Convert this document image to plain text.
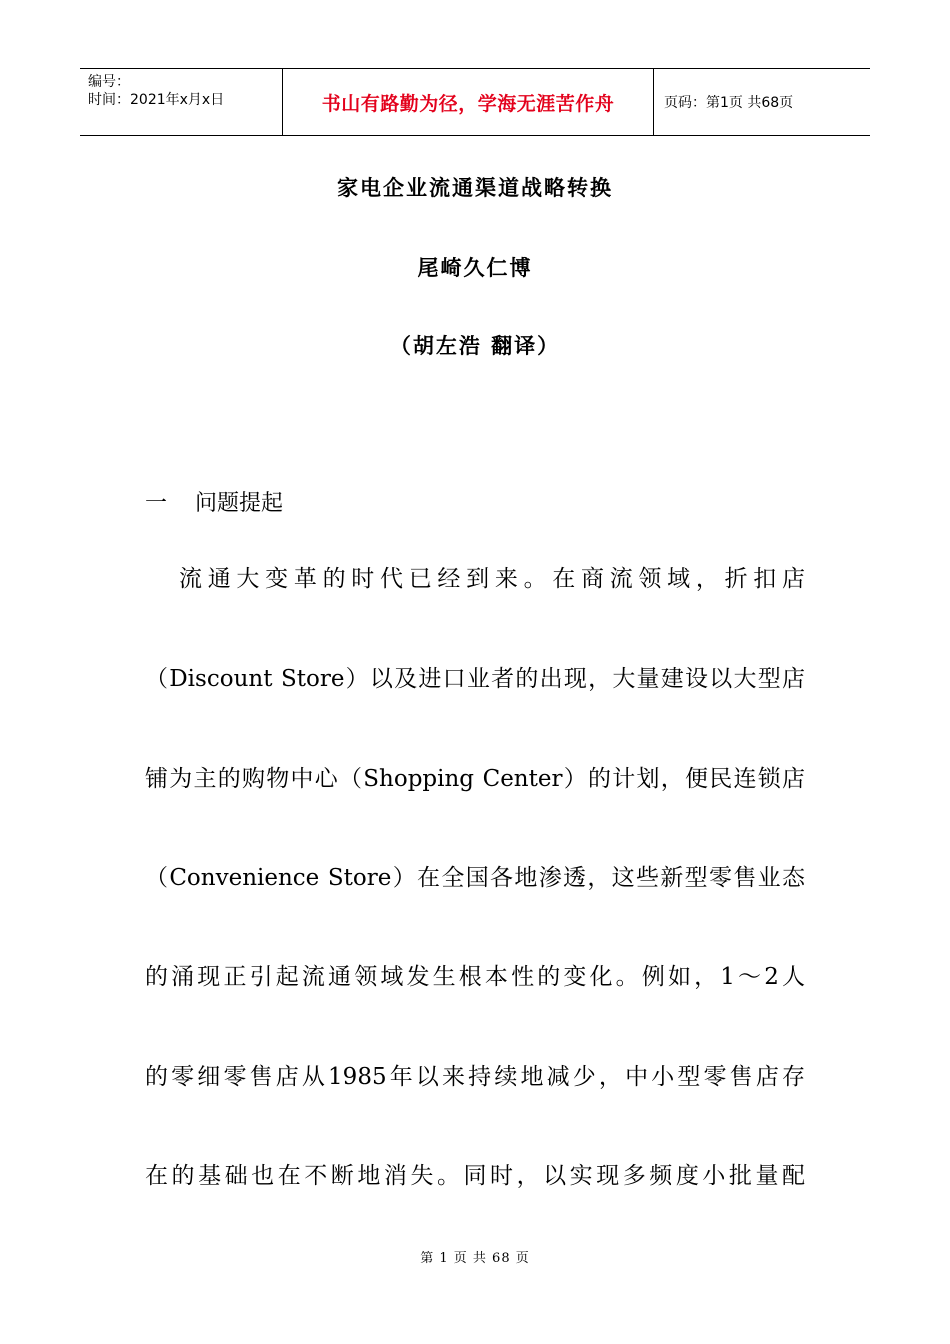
编号：
时间：2021年x月x日	书山有路勤为径，学海无涯苦作舟	页码：第1页 共68页
家电企业流通渠道战略转换
尾崎久仁博
（胡左浩 翻译）
一 问题提起
流通大变革的时代已经到来。在商流领域，折扣店
（Discount Store）以及进口业者的出现，大量建设以大型店
铺为主的购物中心（Shopping Center）的计划，便民连锁店
（Convenience Store）在全国各地渗透，这些新型零售业态
的涌现正引起流通领域发生根本性的变化。例如，1～2人
的零细零售店从1985年以来持续地减少，中小型零售店存
在的基础也在不断地消失。同时，以实现多频度小批量配
第 1 页 共 68 页
